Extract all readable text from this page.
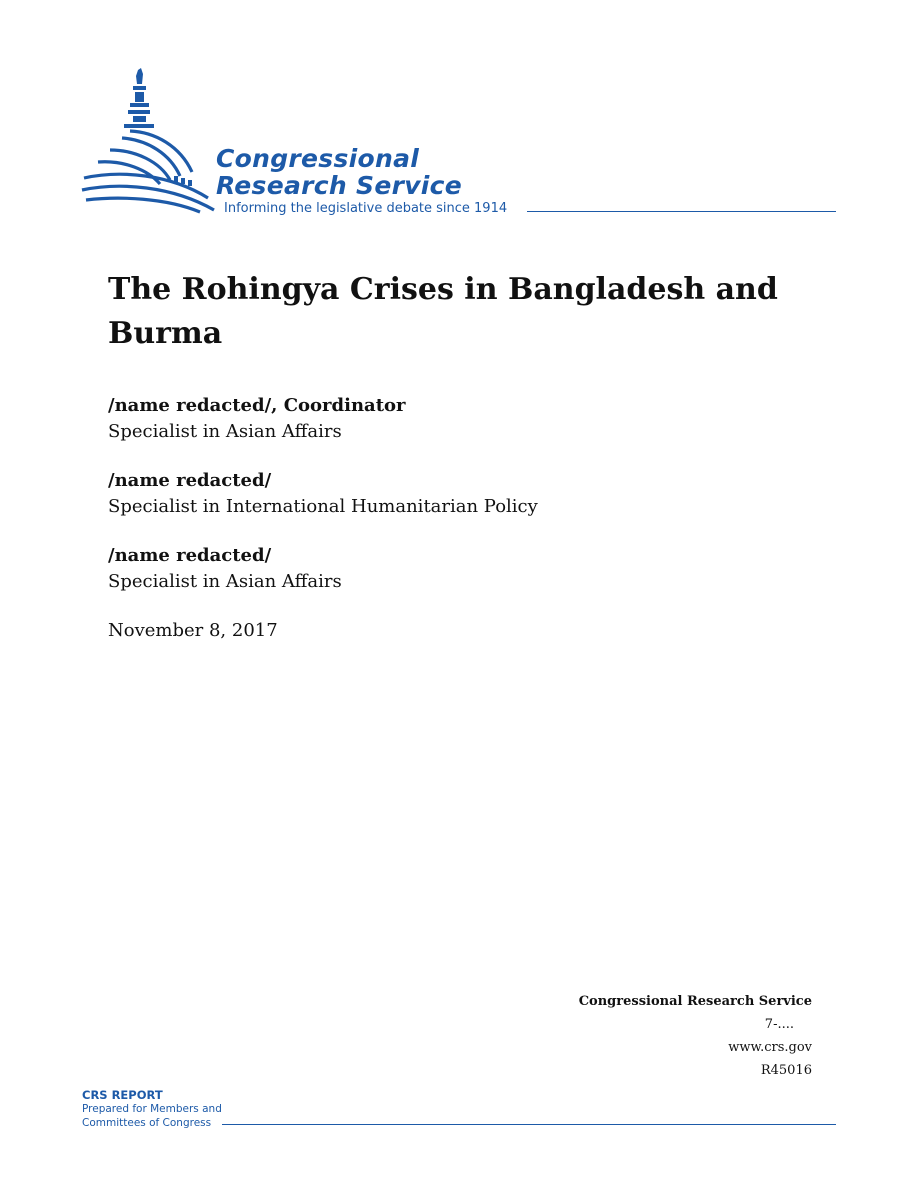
Congressional
Research Service
Informing the legislative debate since 1914
The Rohingya Crises in Bangladesh and Burma
/name redacted/, Coordinator
Specialist in Asian Affairs
/name redacted/
Specialist in International Humanitarian Policy
/name redacted/
Specialist in Asian Affairs
November 8, 2017
Congressional Research Service
7-....
www.crs.gov
R45016
CRS REPORT
Prepared for Members and
Committees of Congress
